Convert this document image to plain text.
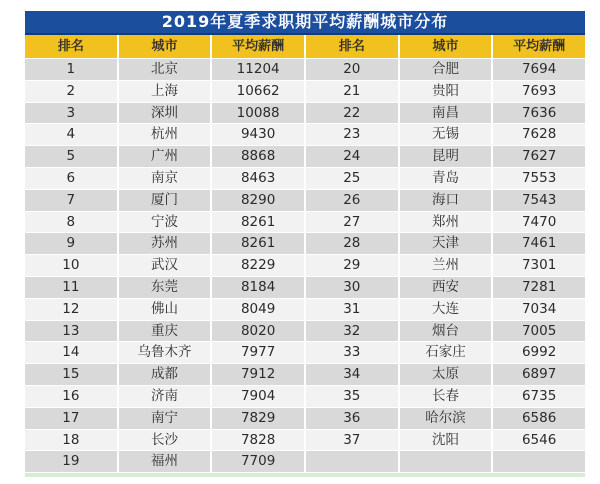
2019年夏季求职期平均薪酬城市分布
排名	城市	平均薪酬	排名	城市	平均薪酬
1	北京	11204	20	合肥	7694
2	上海	10662	21	贵阳	7693
3	深圳	10088	22	南昌	7636
4	杭州	9430	23	无锡	7628
5	广州	8868	24	昆明	7627
6	南京	8463	25	青岛	7553
7	厦门	8290	26	海口	7543
8	宁波	8261	27	郑州	7470
9	苏州	8261	28	天津	7461
10	武汉	8229	29	兰州	7301
11	东莞	8184	30	西安	7281
12	佛山	8049	31	大连	7034
13	重庆	8020	32	烟台	7005
14	乌鲁木齐	7977	33	石家庄	6992
15	成都	7912	34	太原	6897
16	济南	7904	35	长春	6735
17	南宁	7829	36	哈尔滨	6586
18	长沙	7828	37	沈阳	6546
19	福州	7709
